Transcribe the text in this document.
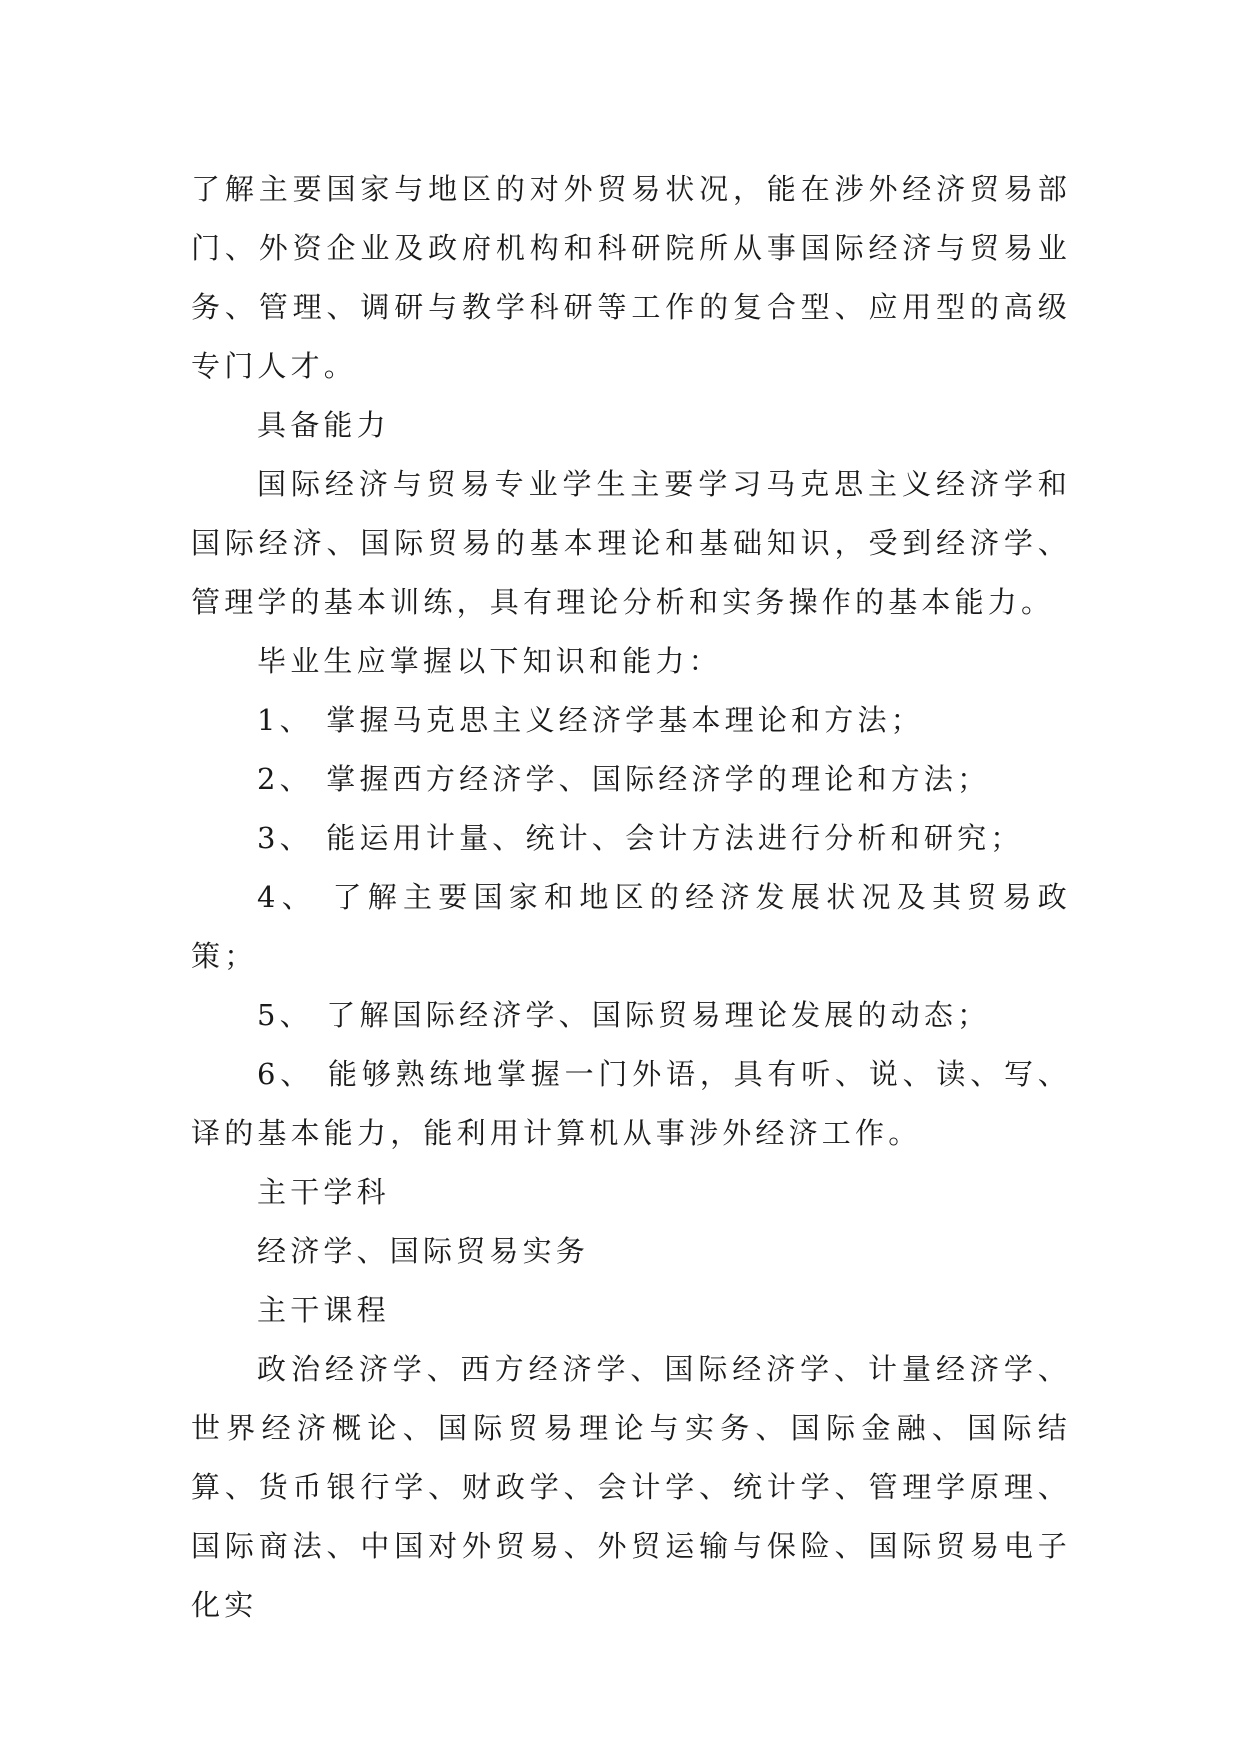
了解主要国家与地区的对外贸易状况，能在涉外经济贸易部门、外资企业及政府机构和科研院所从事国际经济与贸易业务、管理、调研与教学科研等工作的复合型、应用型的高级专门人才。

具备能力

国际经济与贸易专业学生主要学习马克思主义经济学和国际经济、国际贸易的基本理论和基础知识，受到经济学、管理学的基本训练，具有理论分析和实务操作的基本能力。

毕业生应掌握以下知识和能力：

1、 掌握马克思主义经济学基本理论和方法；

2、 掌握西方经济学、国际经济学的理论和方法；

3、 能运用计量、统计、会计方法进行分析和研究；

4、 了解主要国家和地区的经济发展状况及其贸易政策；

5、 了解国际经济学、国际贸易理论发展的动态；

6、 能够熟练地掌握一门外语，具有听、说、读、写、译的基本能力，能利用计算机从事涉外经济工作。

主干学科

经济学、国际贸易实务

主干课程

政治经济学、西方经济学、国际经济学、计量经济学、世界经济概论、国际贸易理论与实务、国际金融、国际结算、货币银行学、财政学、会计学、统计学、管理学原理、国际商法、中国对外贸易、外贸运输与保险、国际贸易电子化实
